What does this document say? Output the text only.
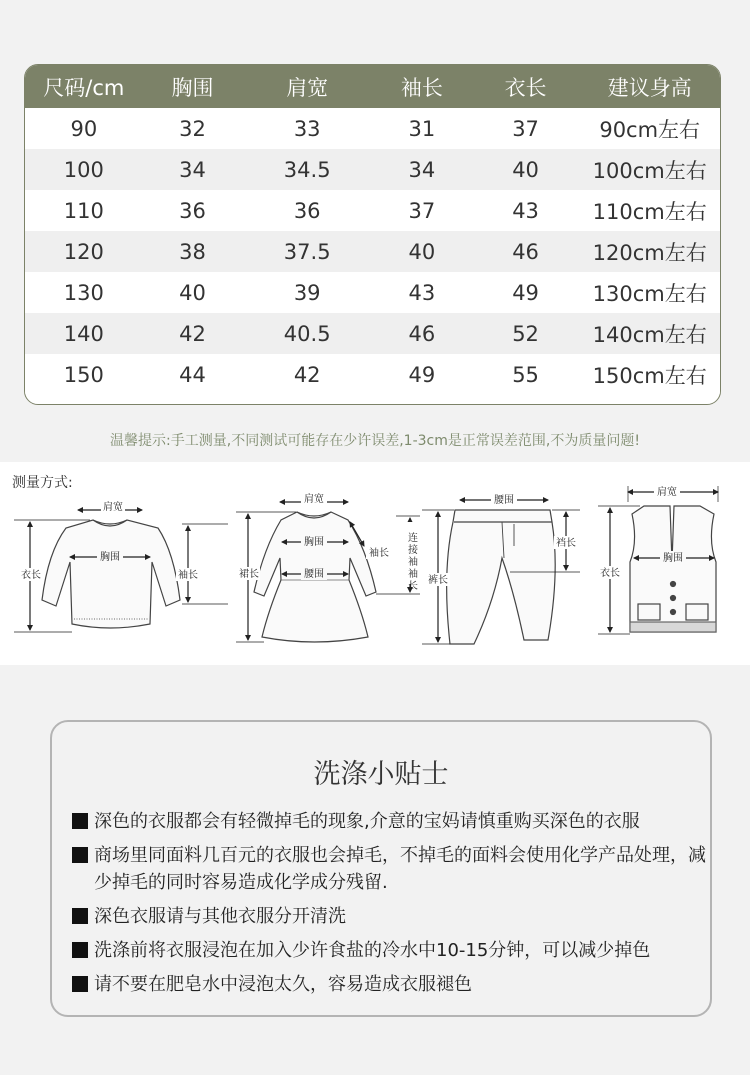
尺码/cm	胸围	肩宽	袖长	衣长	建议身高
90	32	33	31	37	90cm左右
100	34	34.5	34	40	100cm左右
110	36	36	37	43	110cm左右
120	38	37.5	40	46	120cm左右
130	40	39	43	49	130cm左右
140	42	40.5	46	52	140cm左右
150	44	42	49	55	150cm左右
温馨提示:手工测量,不同测试可能存在少许误差,1-3cm是正常误差范围,不为质量问题!
测量方式:
肩宽
胸围
衣长	袖长
肩宽
胸围
腰围
裙长
袖长 连接袖袖长
腰围
裆长
裤长
肩宽
胸围
衣长
洗涤小贴士
深色的衣服都会有轻微掉毛的现象,介意的宝妈请慎重购买深色的衣服
商场里同面料几百元的衣服也会掉毛，不掉毛的面料会使用化学产品处理，减少掉毛的同时容易造成化学成分残留.
深色衣服请与其他衣服分开清洗
洗涤前将衣服浸泡在加入少许食盐的冷水中10-15分钟，可以减少掉色
请不要在肥皂水中浸泡太久，容易造成衣服褪色
